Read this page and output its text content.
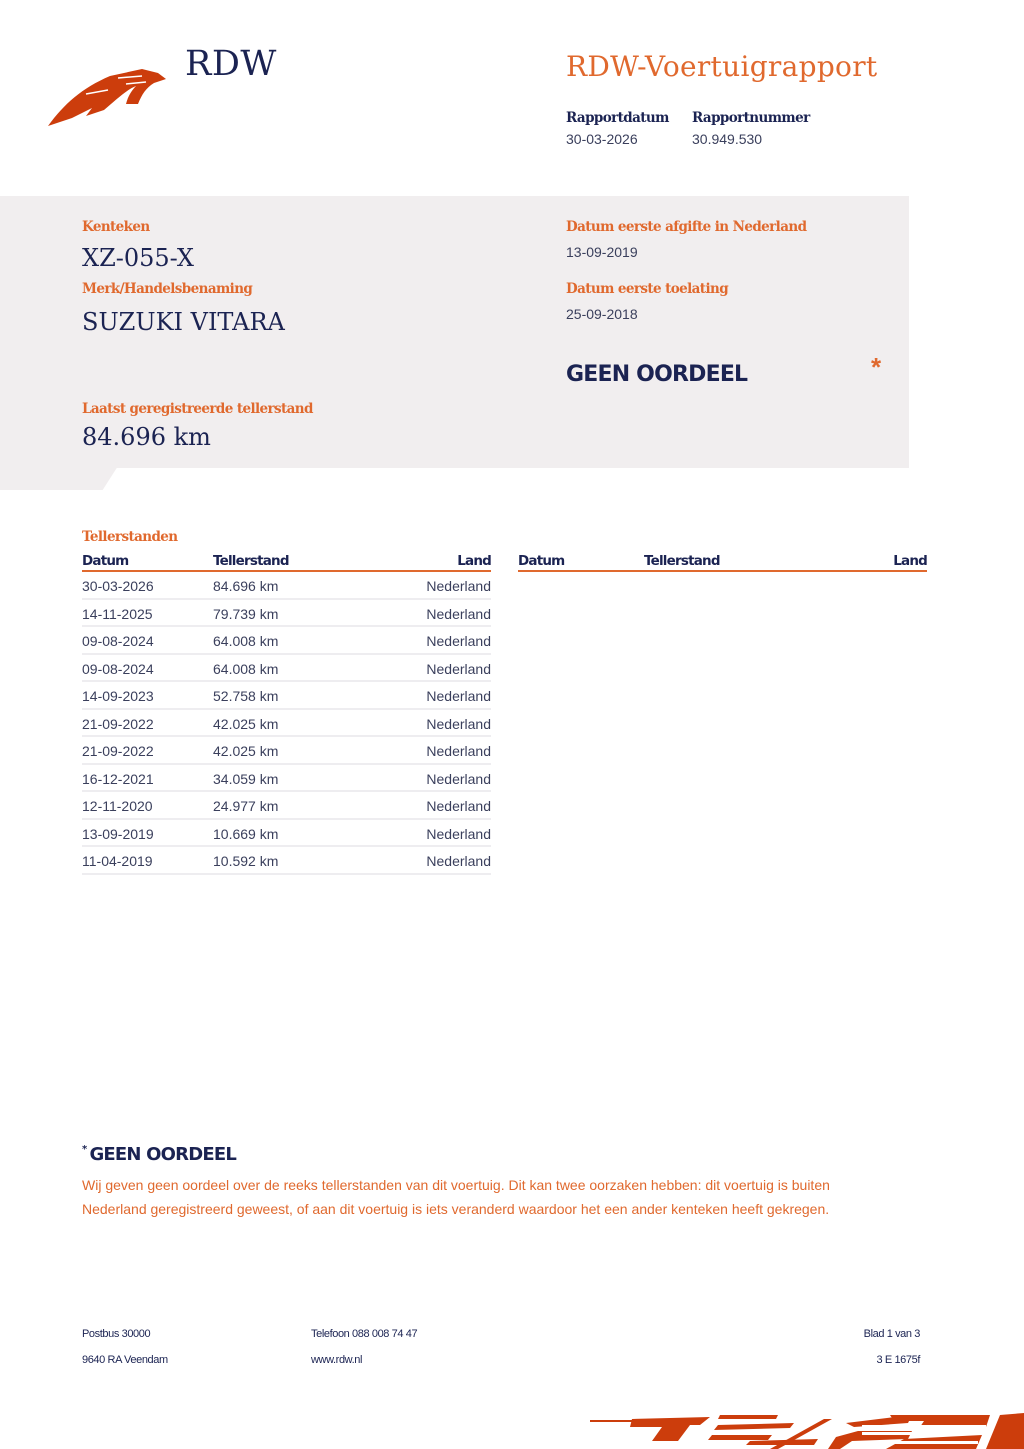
RDW	RDW-Voertuigrapport
Rapportdatum
30-03-2026
Rapportnummer
30.949.530
Kenteken
XZ-055-X
Merk/Handelsbenaming
SUZUKI VITARA
Laatst geregistreerde tellerstand
84.696 km
Datum eerste afgifte in Nederland
13-09-2019
Datum eerste toelating
25-09-2018
GEEN OORDEEL	*
Tellerstanden
Datum	Tellerstand	Land
30-03-2026	84.696 km	Nederland
14-11-2025	79.739 km	Nederland
09-08-2024	64.008 km	Nederland
09-08-2024	64.008 km	Nederland
14-09-2023	52.758 km	Nederland
21-09-2022	42.025 km	Nederland
21-09-2022	42.025 km	Nederland
16-12-2021	34.059 km	Nederland
12-11-2020	24.977 km	Nederland
13-09-2019	10.669 km	Nederland
11-04-2019	10.592 km	Nederland
Datum	Tellerstand	Land
* GEEN OORDEEL
Wij geven geen oordeel over de reeks tellerstanden van dit voertuig. Dit kan twee oorzaken hebben: dit voertuig is buiten Nederland geregistreerd geweest, of aan dit voertuig is iets veranderd waardoor het een ander kenteken heeft gekregen.
Postbus 30000
9640 RA Veendam
Telefoon 088 008 74 47
www.rdw.nl
Blad 1 van 3
3 E 1675f
